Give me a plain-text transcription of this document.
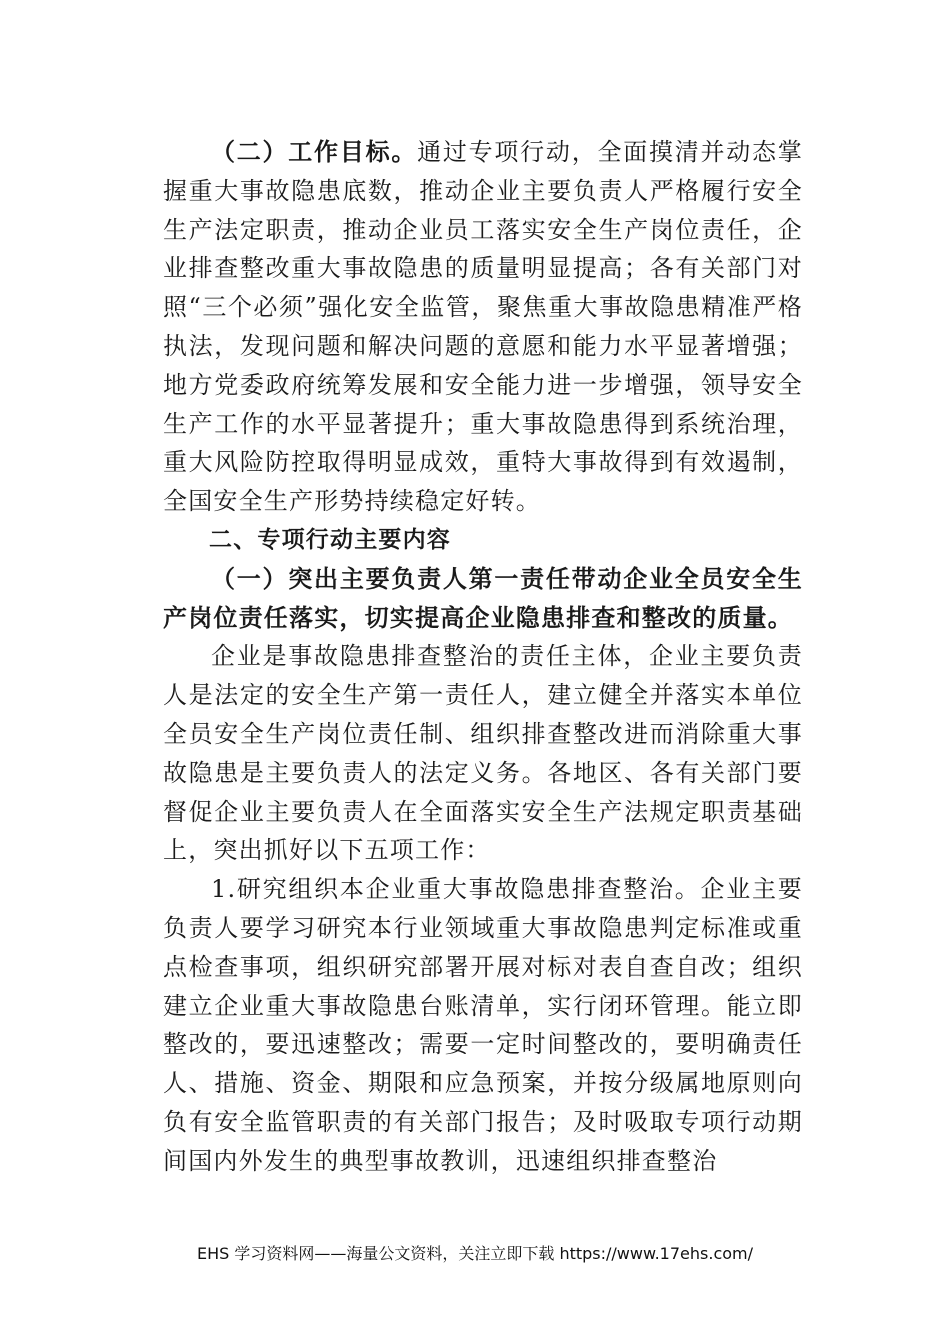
（二）工作目标。通过专项行动，全面摸清并动态掌握重大事故隐患底数，推动企业主要负责人严格履行安全生产法定职责，推动企业员工落实安全生产岗位责任，企业排查整改重大事故隐患的质量明显提高；各有关部门对照“三个必须”强化安全监管，聚焦重大事故隐患精准严格执法，发现问题和解决问题的意愿和能力水平显著增强；地方党委政府统筹发展和安全能力进一步增强，领导安全生产工作的水平显著提升；重大事故隐患得到系统治理，重大风险防控取得明显成效，重特大事故得到有效遏制，全国安全生产形势持续稳定好转。

二、专项行动主要内容

（一）突出主要负责人第一责任带动企业全员安全生产岗位责任落实，切实提高企业隐患排查和整改的质量。

企业是事故隐患排查整治的责任主体，企业主要负责人是法定的安全生产第一责任人，建立健全并落实本单位全员安全生产岗位责任制、组织排查整改进而消除重大事故隐患是主要负责人的法定义务。各地区、各有关部门要督促企业主要负责人在全面落实安全生产法规定职责基础上，突出抓好以下五项工作：

1.研究组织本企业重大事故隐患排查整治。企业主要负责人要学习研究本行业领域重大事故隐患判定标准或重点检查事项，组织研究部署开展对标对表自查自改；组织建立企业重大事故隐患台账清单，实行闭环管理。能立即整改的，要迅速整改；需要一定时间整改的，要明确责任人、措施、资金、期限和应急预案，并按分级属地原则向负有安全监管职责的有关部门报告；及时吸取专项行动期间国内外发生的典型事故教训，迅速组织排查整治

EHS 学习资料网——海量公文资料，关注立即下载 https://www.17ehs.com/
